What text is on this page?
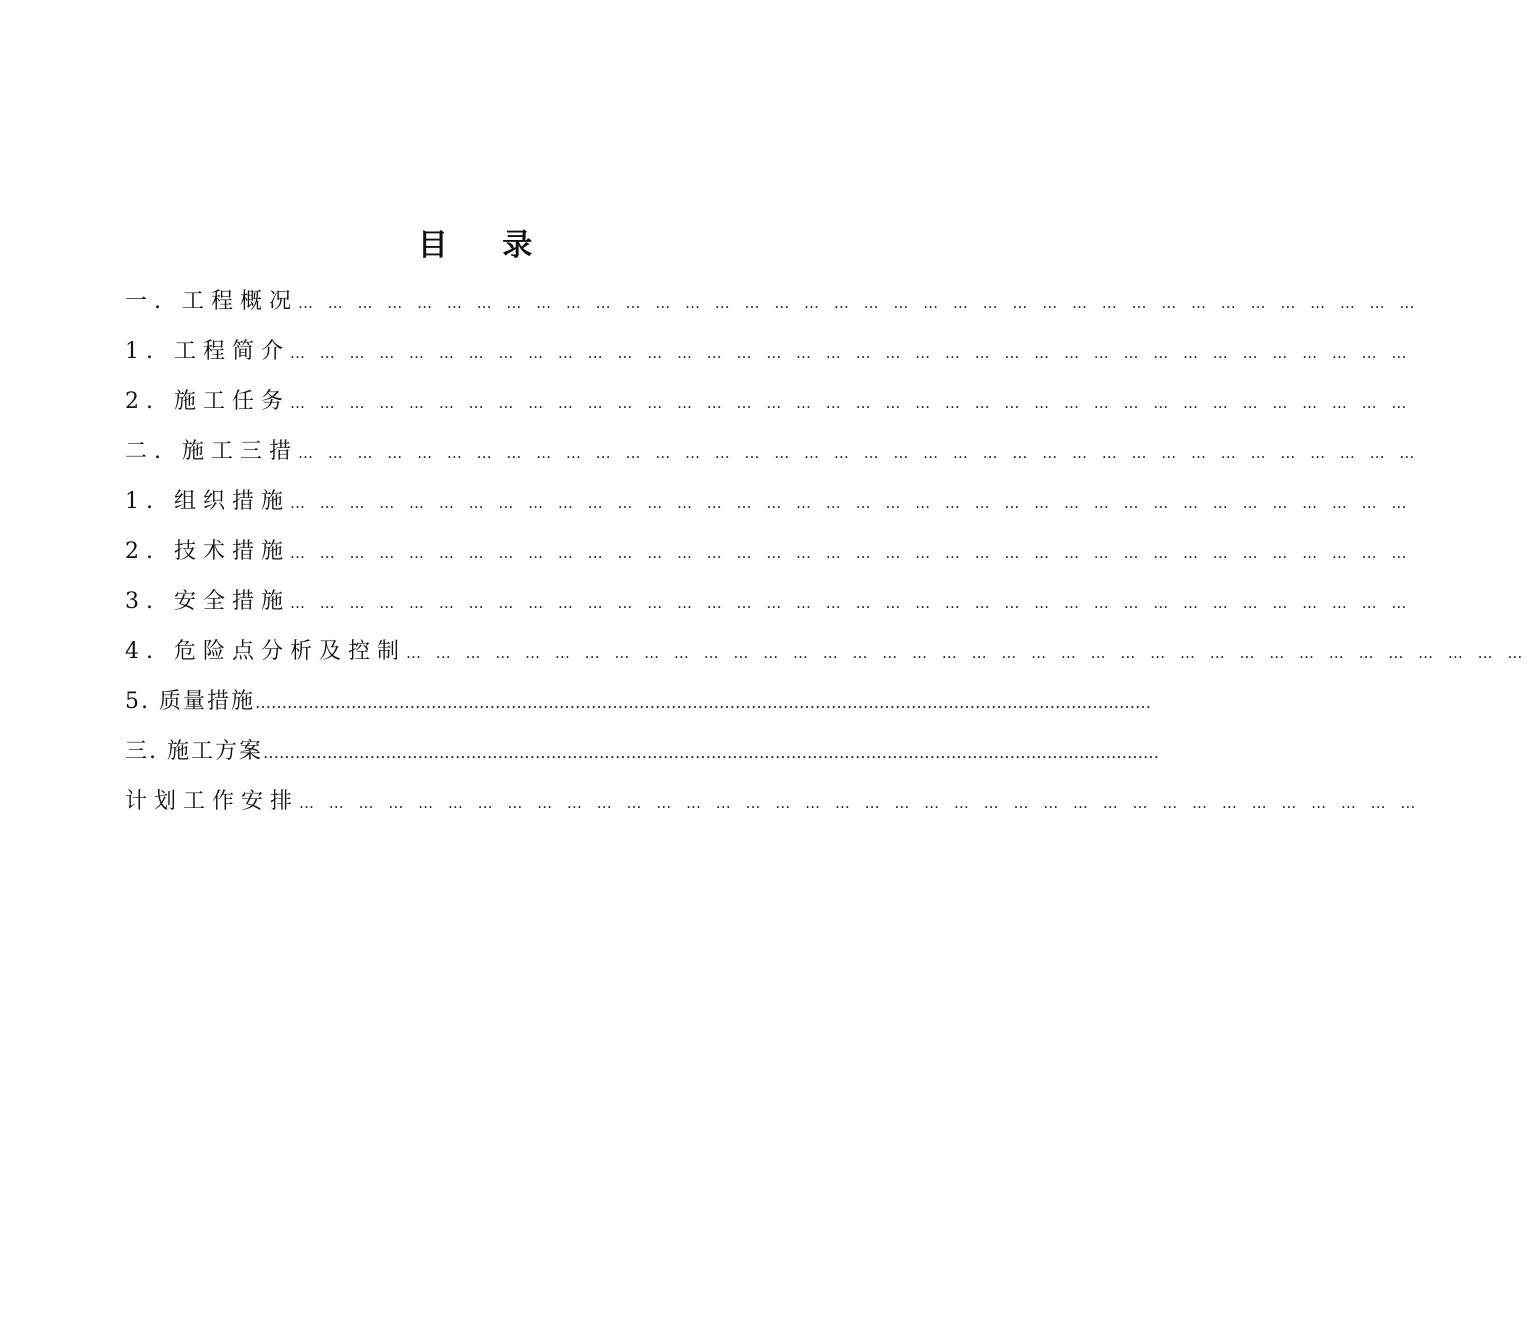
目 录
一. 工程概况 … … … … … … … … … … … … … … … … … … … … … … … … … … … … … … … … … … … … … …
1. 工程简介 … … … … … … … … … … … … … … … … … … … … … … … … … … … … … … … … … … … … … …
2. 施工任务 … … … … … … … … … … … … … … … … … … … … … … … … … … … … … … … … … … … … … …
二. 施工三措 … … … … … … … … … … … … … … … … … … … … … … … … … … … … … … … … … … … … … …
1. 组织措施 … … … … … … … … … … … … … … … … … … … … … … … … … … … … … … … … … … … … … …
2. 技术措施 … … … … … … … … … … … … … … … … … … … … … … … … … … … … … … … … … … … … … …
3. 安全措施 … … … … … … … … … … … … … … … … … … … … … … … … … … … … … … … … … … … … … …
4. 危险点分析及控制 … … … … … … … … … … … … … … … … … … … … … … … … … … … … … … … … … … … … … …
5. 质量措施 ……………………………………………………………………………………………………………………………………………………
三. 施工方案 ……………………………………………………………………………………………………………………………………………………
计划工作安排 … … … … … … … … … … … … … … … … … … … … … … … … … … … … … … … … … … … … … …
